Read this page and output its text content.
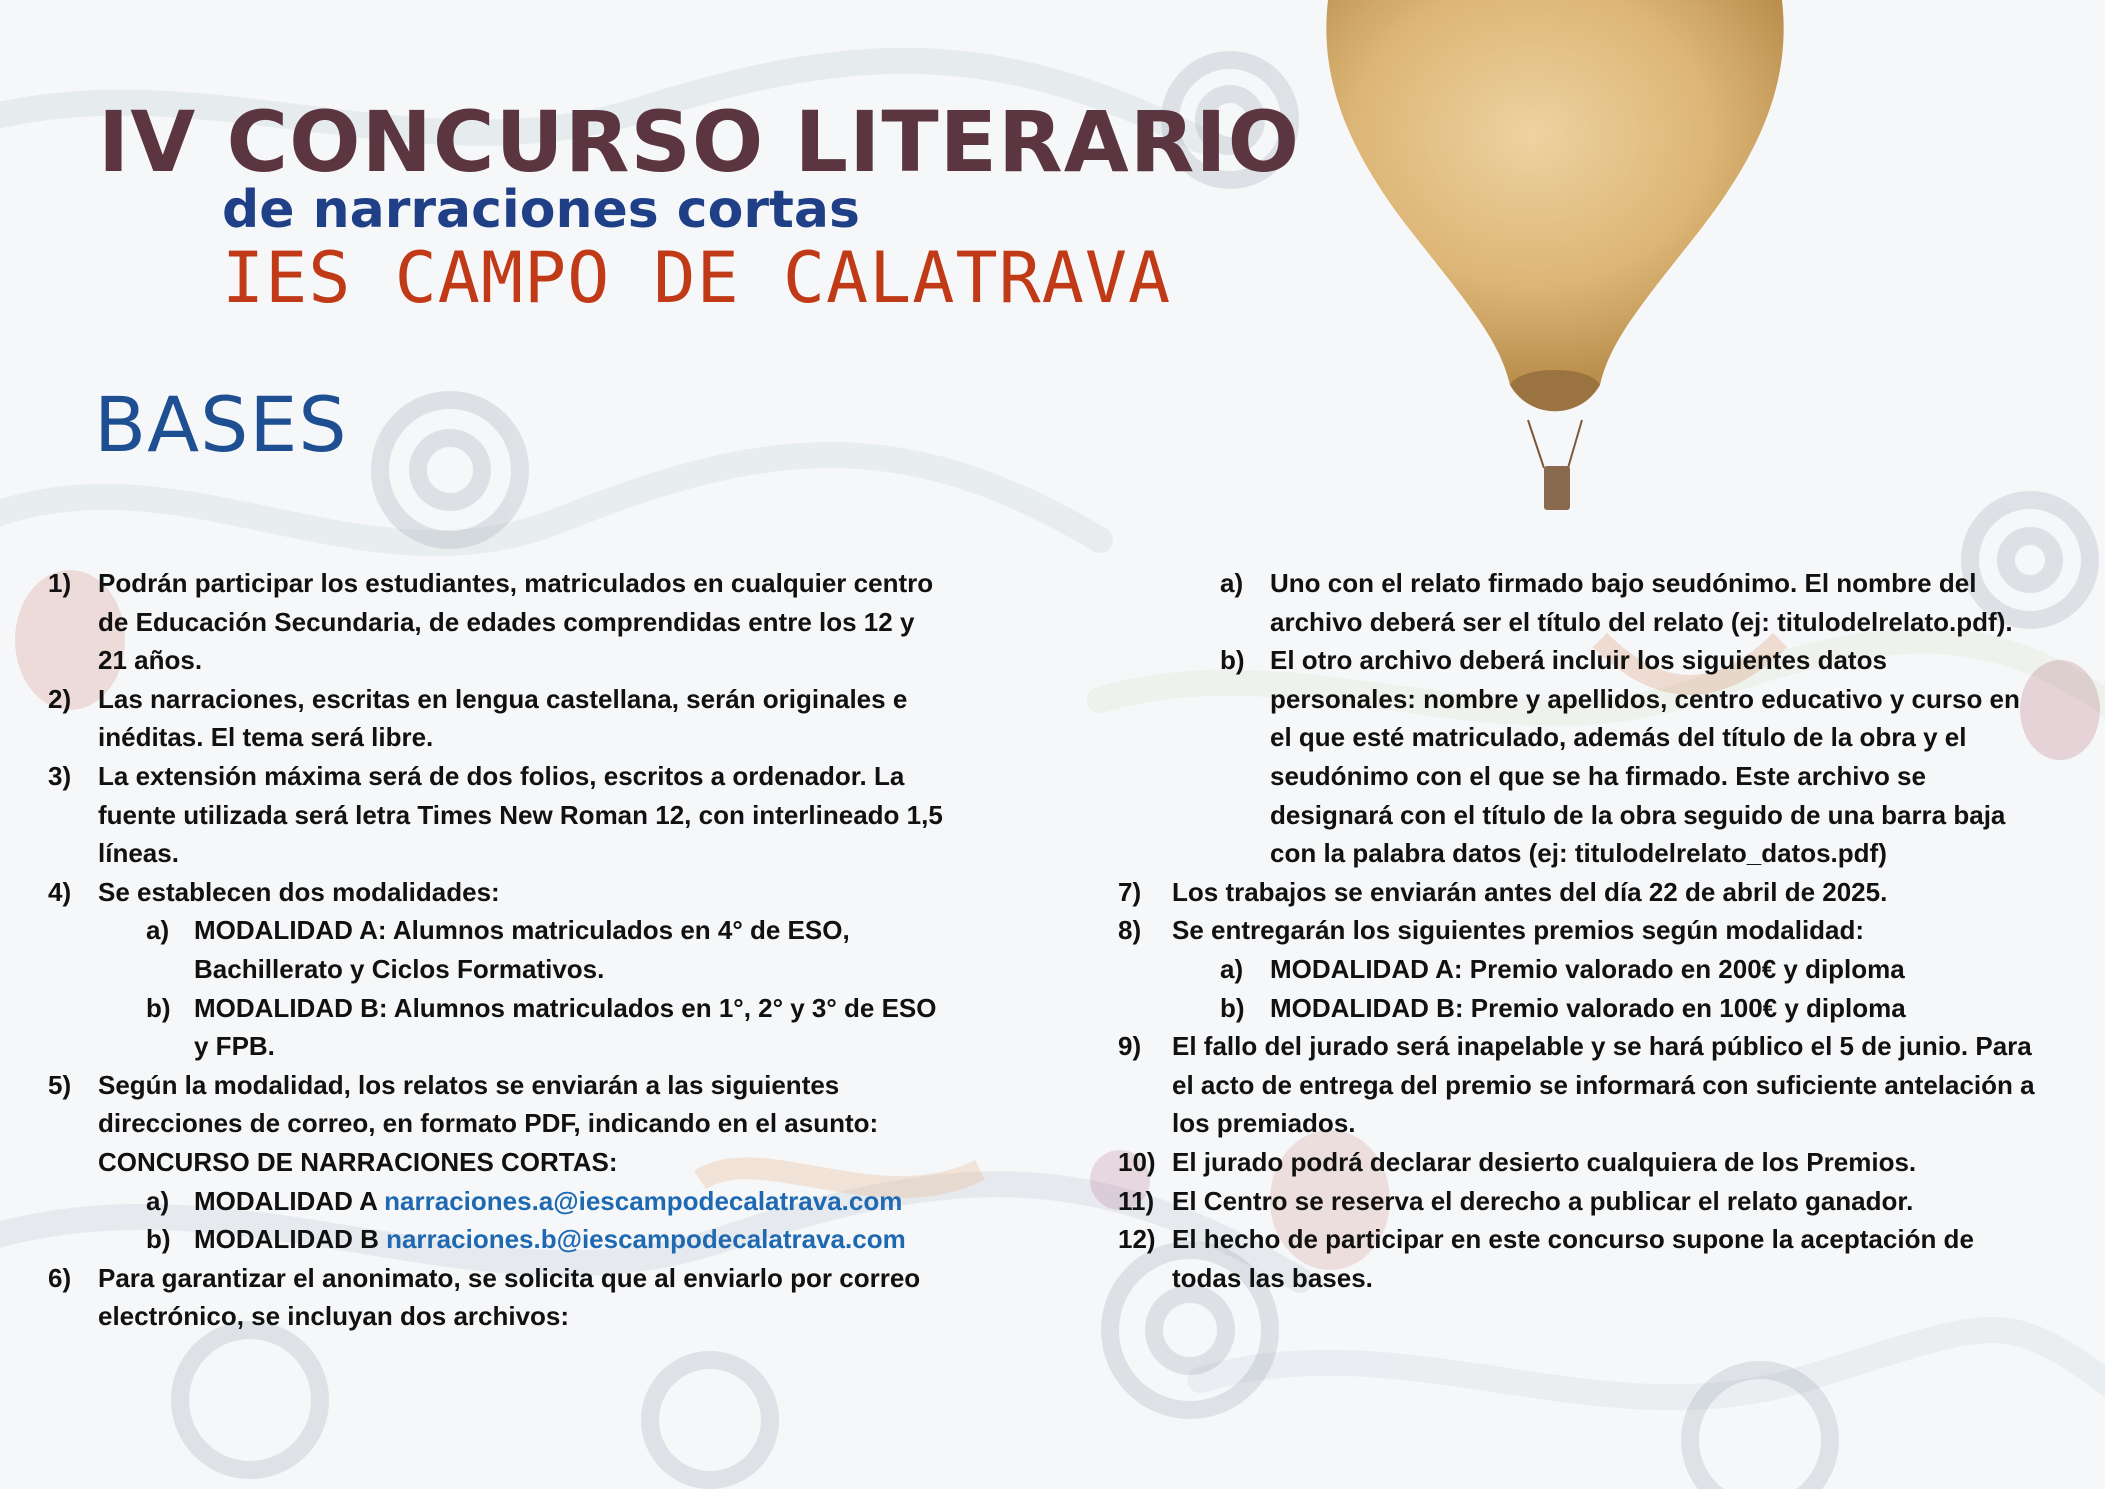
IV CONCURSO LITERARIO
de narraciones cortas
IES CAMPO DE CALATRAVA
BASES
1) Podrán participar los estudiantes, matriculados en cualquier centro de Educación Secundaria, de edades comprendidas entre los 12 y 21 años.
2) Las narraciones, escritas en lengua castellana, serán originales e inéditas. El tema será libre.
3) La extensión máxima será de dos folios, escritos a ordenador. La fuente utilizada será letra Times New Roman 12, con interlineado 1,5 líneas.
4) Se establecen dos modalidades:
a) MODALIDAD A: Alumnos matriculados en 4° de ESO, Bachillerato y Ciclos Formativos.
b) MODALIDAD B: Alumnos matriculados en 1°, 2° y 3° de ESO y FPB.
5) Según la modalidad, los relatos se enviarán a las siguientes direcciones de correo, en formato PDF, indicando en el asunto: CONCURSO DE NARRACIONES CORTAS:
a) MODALIDAD A narraciones.a@iescampodecalatrava.com
b) MODALIDAD B narraciones.b@iescampodecalatrava.com
6) Para garantizar el anonimato, se solicita que al enviarlo por correo electrónico, se incluyan dos archivos:
a) Uno con el relato firmado bajo seudónimo. El nombre del archivo deberá ser el título del relato (ej: titulodelrelato.pdf).
b) El otro archivo deberá incluir los siguientes datos personales: nombre y apellidos, centro educativo y curso en el que esté matriculado, además del título de la obra y el seudónimo con el que se ha firmado. Este archivo se designará con el título de la obra seguido de una barra baja con la palabra datos (ej: titulodelrelato_datos.pdf)
7) Los trabajos se enviarán antes del día 22 de abril de 2025.
8) Se entregarán los siguientes premios según modalidad:
a) MODALIDAD A: Premio valorado en 200€ y diploma
b) MODALIDAD B: Premio valorado en 100€ y diploma
9) El fallo del jurado será inapelable y se hará público el 5 de junio. Para el acto de entrega del premio se informará con suficiente antelación a los premiados.
10) El jurado podrá declarar desierto cualquiera de los Premios.
11) El Centro se reserva el derecho a publicar el relato ganador.
12) El hecho de participar en este concurso supone la aceptación de todas las bases.
